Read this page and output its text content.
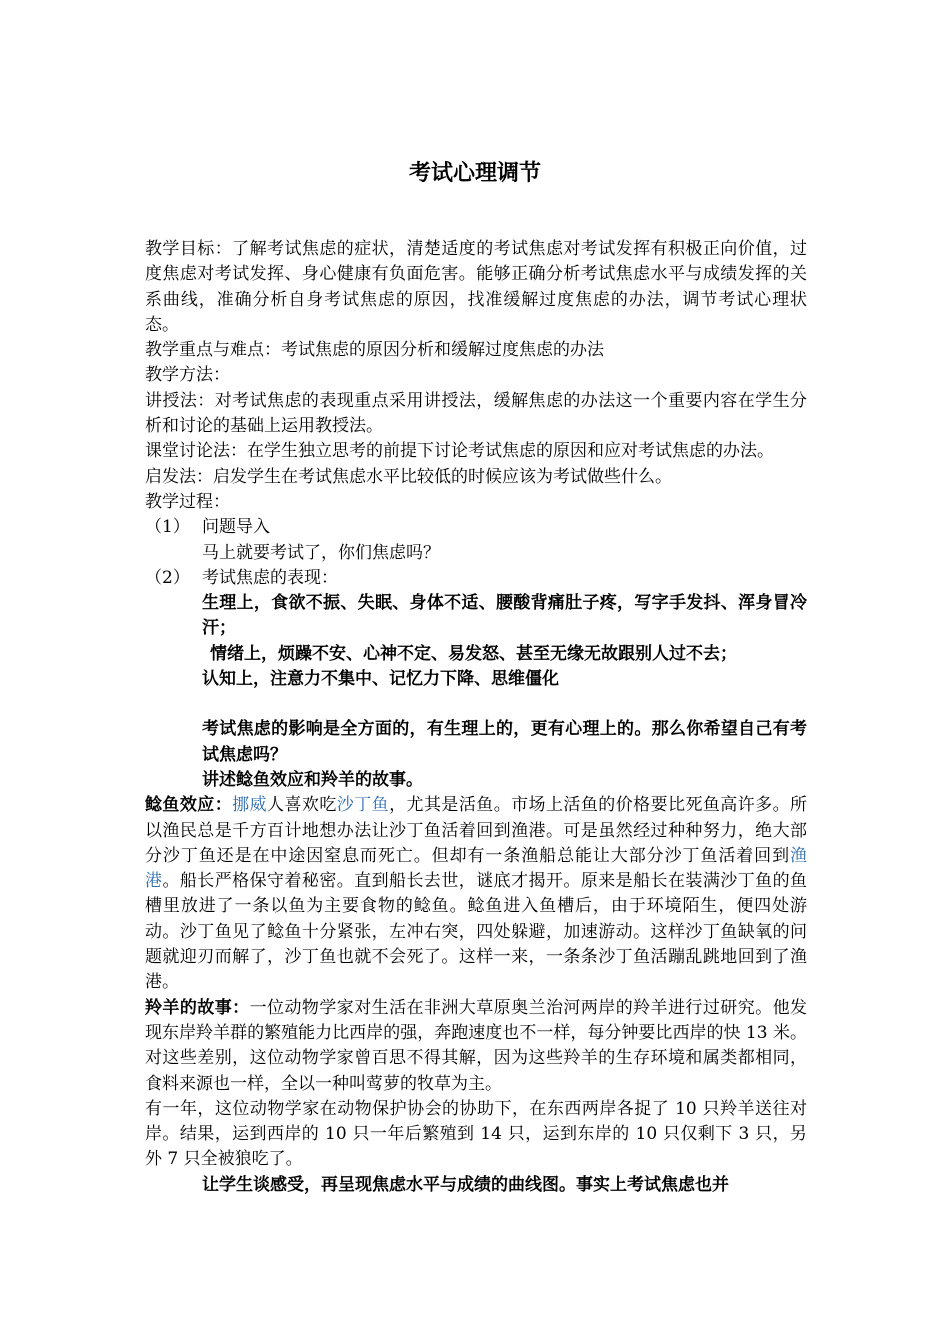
考试心理调节

教学目标：了解考试焦虑的症状，清楚适度的考试焦虑对考试发挥有积极正向价值，过度焦虑对考试发挥、身心健康有负面危害。能够正确分析考试焦虑水平与成绩发挥的关系曲线，准确分析自身考试焦虑的原因，找准缓解过度焦虑的办法，调节考试心理状态。

教学重点与难点：考试焦虑的原因分析和缓解过度焦虑的办法

教学方法：

讲授法：对考试焦虑的表现重点采用讲授法，缓解焦虑的办法这一个重要内容在学生分析和讨论的基础上运用教授法。

课堂讨论法：在学生独立思考的前提下讨论考试焦虑的原因和应对考试焦虑的办法。

启发法：启发学生在考试焦虑水平比较低的时候应该为考试做些什么。

教学过程：

（1） 问题导入

马上就要考试了，你们焦虑吗？

（2） 考试焦虑的表现：

生理上，食欲不振、失眠、身体不适、腰酸背痛肚子疼，写字手发抖、浑身冒冷汗；

情绪上，烦躁不安、心神不定、易发怒、甚至无缘无故跟别人过不去；

认知上，注意力不集中、记忆力下降、思维僵化

考试焦虑的影响是全方面的，有生理上的，更有心理上的。那么你希望自己有考试焦虑吗？

讲述鲶鱼效应和羚羊的故事。

鲶鱼效应：挪威人喜欢吃沙丁鱼，尤其是活鱼。市场上活鱼的价格要比死鱼高许多。所以渔民总是千方百计地想办法让沙丁鱼活着回到渔港。可是虽然经过种种努力，绝大部分沙丁鱼还是在中途因窒息而死亡。但却有一条渔船总能让大部分沙丁鱼活着回到渔港。船长严格保守着秘密。直到船长去世，谜底才揭开。原来是船长在装满沙丁鱼的鱼槽里放进了一条以鱼为主要食物的鲶鱼。鲶鱼进入鱼槽后，由于环境陌生，便四处游动。沙丁鱼见了鲶鱼十分紧张，左冲右突，四处躲避，加速游动。这样沙丁鱼缺氧的问题就迎刃而解了，沙丁鱼也就不会死了。这样一来，一条条沙丁鱼活蹦乱跳地回到了渔港。

羚羊的故事：一位动物学家对生活在非洲大草原奥兰治河两岸的羚羊进行过研究。他发现东岸羚羊群的繁殖能力比西岸的强，奔跑速度也不一样，每分钟要比西岸的快 13 米。对这些差别，这位动物学家曾百思不得其解，因为这些羚羊的生存环境和属类都相同，食料来源也一样，全以一种叫莺萝的牧草为主。

有一年，这位动物学家在动物保护协会的协助下，在东西两岸各捉了 10 只羚羊送往对岸。结果，运到西岸的 10 只一年后繁殖到 14 只，运到东岸的 10 只仅剩下 3 只，另外 7 只全被狼吃了。

让学生谈感受，再呈现焦虑水平与成绩的曲线图。事实上考试焦虑也并
